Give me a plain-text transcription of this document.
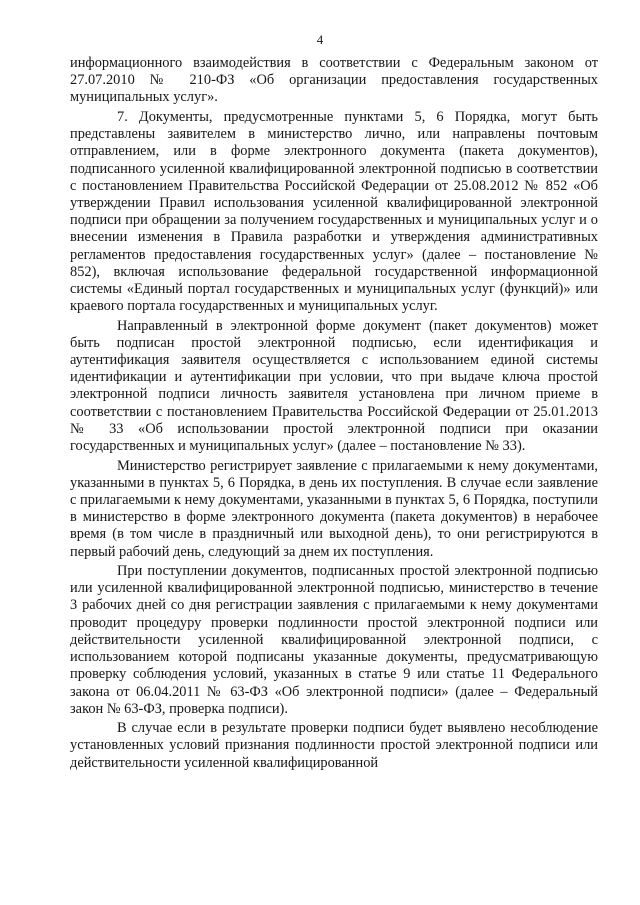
4

информационного взаимодействия в соответствии с Федеральным законом от 27.07.2010 № 210-ФЗ «Об организации предоставления государственных муниципальных услуг».

7. Документы, предусмотренные пунктами 5, 6 Порядка, могут быть представлены заявителем в министерство лично, или направлены почтовым отправлением, или в форме электронного документа (пакета документов), подписанного усиленной квалифицированной электронной подписью в соответствии с постановлением Правительства Российской Федерации от 25.08.2012 № 852 «Об утверждении Правил использования усиленной квалифицированной электронной подписи при обращении за получением государственных и муниципальных услуг и о внесении изменения в Правила разработки и утверждения административных регламентов предоставления государственных услуг» (далее – постановление № 852), включая использование федеральной государственной информационной системы «Единый портал государственных и муниципальных услуг (функций)» или краевого портала государственных и муниципальных услуг.

Направленный в электронной форме документ (пакет документов) может быть подписан простой электронной подписью, если идентификация и аутентификация заявителя осуществляется с использованием единой системы идентификации и аутентификации при условии, что при выдаче ключа простой электронной подписи личность заявителя установлена при личном приеме в соответствии с постановлением Правительства Российской Федерации от 25.01.2013 № 33 «Об использовании простой электронной подписи при оказании государственных и муниципальных услуг» (далее – постановление № 33).

Министерство регистрирует заявление с прилагаемыми к нему документами, указанными в пунктах 5, 6 Порядка, в день их поступления. В случае если заявление с прилагаемыми к нему документами, указанными в пунктах 5, 6 Порядка, поступили в министерство в форме электронного документа (пакета документов) в нерабочее время (в том числе в праздничный или выходной день), то они регистрируются в первый рабочий день, следующий за днем их поступления.

При поступлении документов, подписанных простой электронной подписью или усиленной квалифицированной электронной подписью, министерство в течение 3 рабочих дней со дня регистрации заявления с прилагаемыми к нему документами проводит процедуру проверки подлинности простой электронной подписи или действительности усиленной квалифицированной электронной подписи, с использованием которой подписаны указанные документы, предусматривающую проверку соблюдения условий, указанных в статье 9 или статье 11 Федерального закона от 06.04.2011 № 63-ФЗ «Об электронной подписи» (далее – Федеральный закон № 63-ФЗ, проверка подписи).

В случае если в результате проверки подписи будет выявлено несоблюдение установленных условий признания подлинности простой электронной подписи или действительности усиленной квалифицированной
